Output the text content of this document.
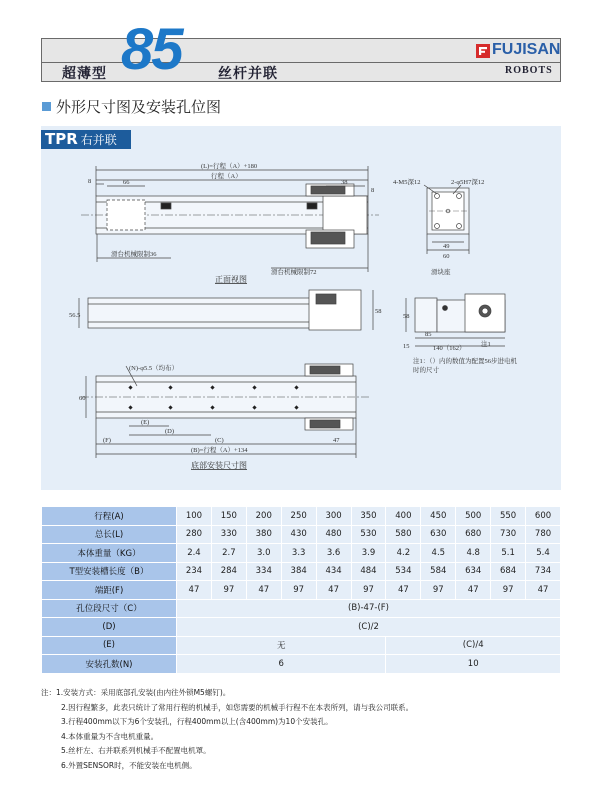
超薄型 85	丝杆并联
FUJISAN
ROBOTS
外形尺寸图及安装孔位图
TPR 右并联
(L)=行程（A）+180
行程（A）
8	66	38
8
滑台机械限制36
滑台机械限制72
正面视图
4-M5深12	2-φ5H7深12
49
60
滑块座
56.5
58
58
85
15	140（162）
注1
(N)-φ5.5（均布）
60
(E)
(D)
(F)	(C)	47
(B)=行程（A）+134
底部安装尺寸图
注1：（）内的数值为配置56步进电机时的尺寸
行程(A)	100	150	200	250	300	350	400	450	500	550	600
总长(L)	280	330	380	430	480	530	580	630	680	730	780
本体重量（KG）	2.4	2.7	3.0	3.3	3.6	3.9	4.2	4.5	4.8	5.1	5.4
T型安装槽长度（B）	234	284	334	384	434	484	534	584	634	684	734
端距(F)	47	97	47	97	47	97	47	97	47	97	47
孔位段尺寸（C）	(B)-47-(F)										
(D)	(C)/2										
(E)	无						(C)/4				
安装孔数(N)	6						10				
注：1.安装方式：采用底部孔安装(由内往外锁M5螺钉)。
2.因行程繁多，此表只统计了常用行程的机械手，如您需要的机械手行程不在本表所列，请与我公司联系。
3.行程400mm以下为6个安装孔，行程400mm以上(含400mm)为10个安装孔。
4.本体重量为不含电机重量。
5.丝杆左、右并联系列机械手不配置电机罩。
6.外置SENSOR时，不能安装在电机侧。
